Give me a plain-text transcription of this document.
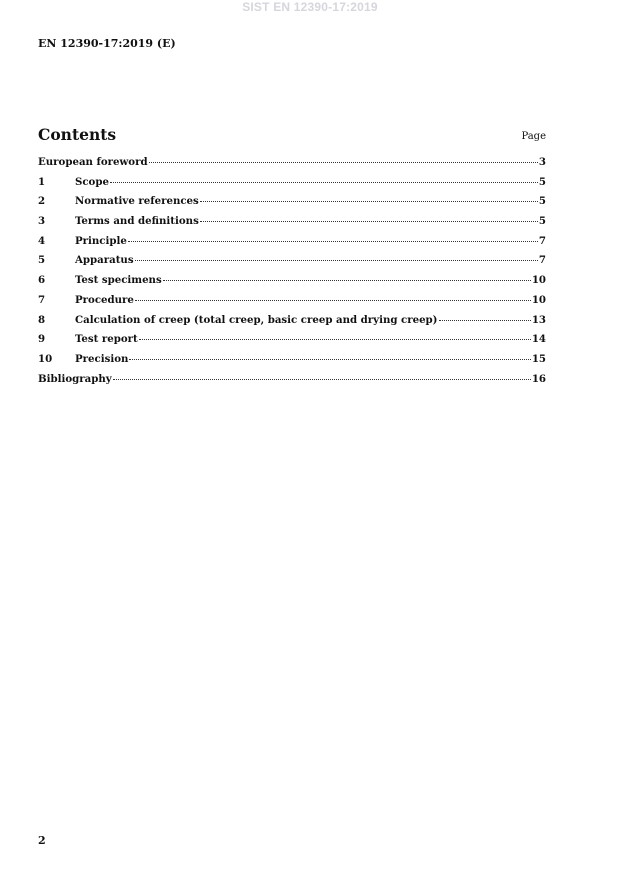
SIST EN 12390-17:2019
EN 12390-17:2019 (E)
Contents	Page
European foreword	3
1	Scope	5
2	Normative references	5
3	Terms and definitions	5
4	Principle	7
5	Apparatus	7
6	Test specimens	10
7	Procedure	10
8	Calculation of creep (total creep, basic creep and drying creep)	13
9	Test report	14
10	Precision	15
Bibliography	16
2
